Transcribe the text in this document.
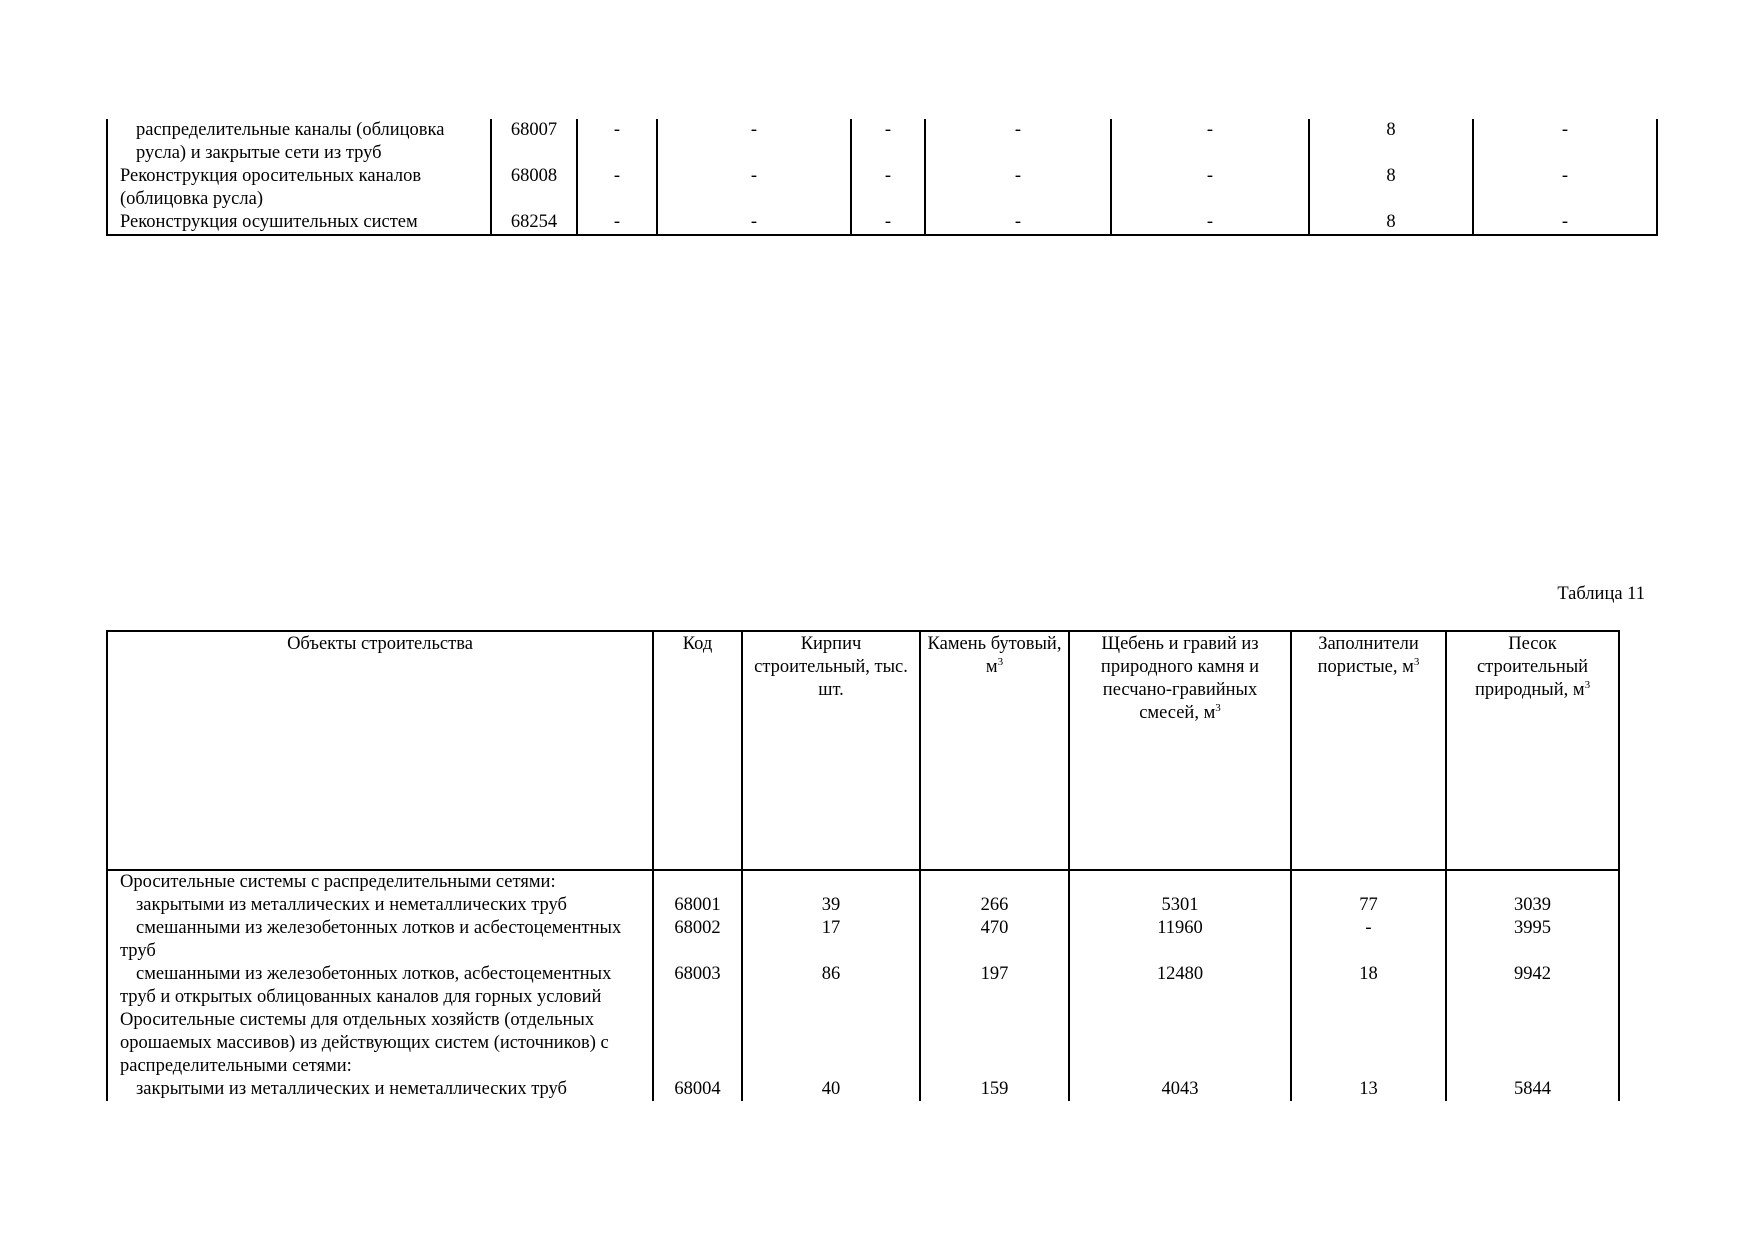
распределительные каналы (облицовка русла) и закрытые сети из труб	68007	-	-	-	-	-	8	-
Реконструкция оросительных каналов (облицовка русла)	68008	-	-	-	-	-	8	-
Реконструкция осушительных систем	68254	-	-	-	-	-	8	-
Таблица 11
Объекты строительства	Код	Кирпич строительный, тыс. шт.	Камень бутовый, $м^3$	Щебень и гравий из природного камня и песчано-гравийных смесей, $м^3$	Заполнители пористые, $м^3$	Песок строительный природный, $м^3$
Оросительные системы с распределительными сетями:						
закрытыми из металлических и неметаллических труб	68001	39	266	5301	77	3039
смешанными из железобетонных лотков и асбестоцементных труб	68002	17	470	11960	-	3995
смешанными из железобетонных лотков, асбестоцементных труб и открытых облицованных каналов для горных условий	68003	86	197	12480	18	9942
Оросительные системы для отдельных хозяйств (отдельных орошаемых массивов) из действующих систем (источников) с распределительными сетями:						
закрытыми из металлических и неметаллических труб	68004	40	159	4043	13	5844
